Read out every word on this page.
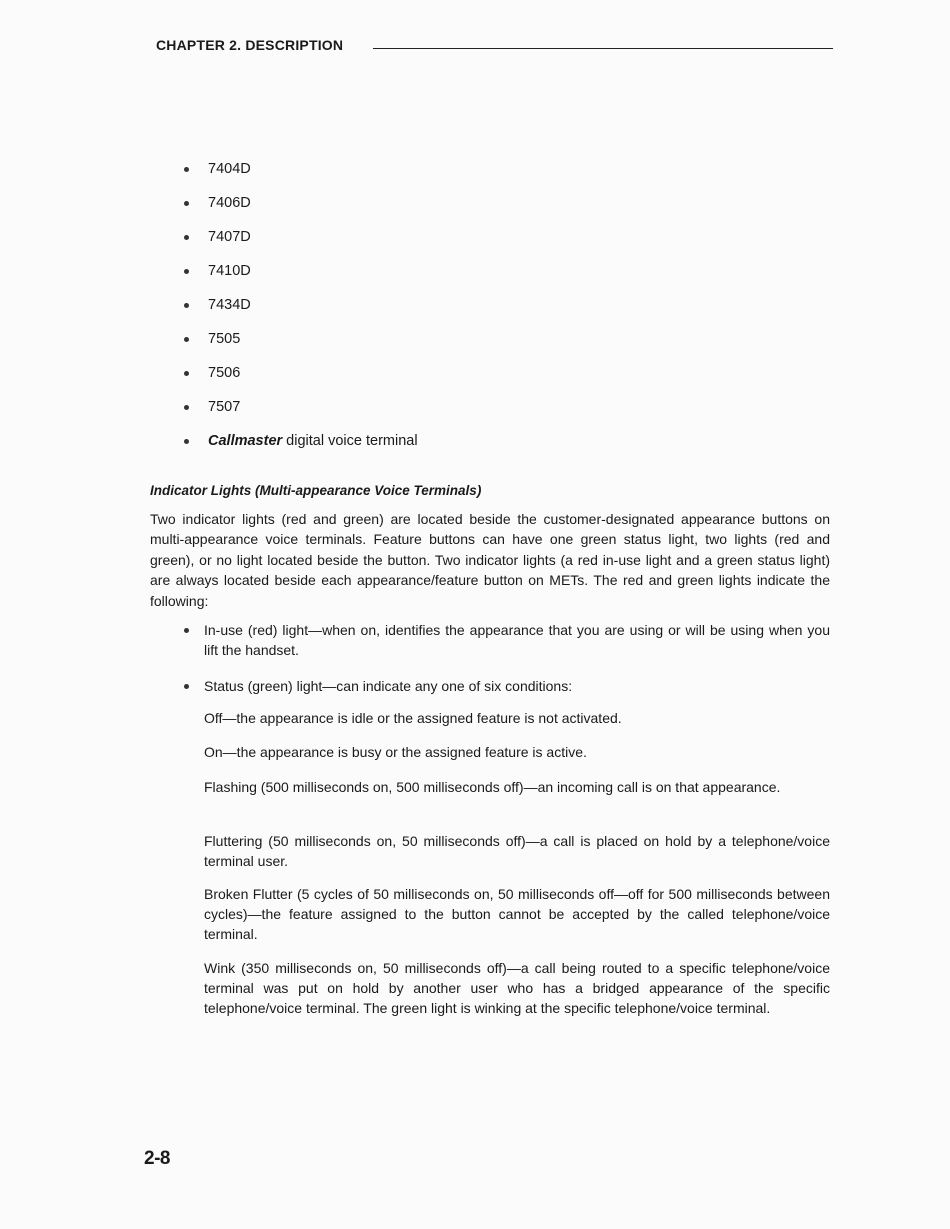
CHAPTER 2. DESCRIPTION
7404D
7406D
7407D
7410D
7434D
7505
7506
7507
Callmaster digital voice terminal
Indicator Lights (Multi-appearance Voice Terminals)

Two indicator lights (red and green) are located beside the customer-designated appearance buttons on multi-appearance voice terminals. Feature buttons can have one green status light, two lights (red and green), or no light located beside the button. Two indicator lights (a red in-use light and a green status light) are always located beside each appearance/feature button on METs. The red and green lights indicate the following:

In-use (red) light—when on, identifies the appearance that you are using or will be using when you lift the handset.

Status (green) light—can indicate any one of six conditions:

Off—the appearance is idle or the assigned feature is not activated.

On—the appearance is busy or the assigned feature is active.

Flashing (500 milliseconds on, 500 milliseconds off)—an incoming call is on that appearance.

Fluttering (50 milliseconds on, 50 milliseconds off)—a call is placed on hold by a telephone/voice terminal user.

Broken Flutter (5 cycles of 50 milliseconds on, 50 milliseconds off—off for 500 milliseconds between cycles)—the feature assigned to the button cannot be accepted by the called telephone/voice terminal.

Wink (350 milliseconds on, 50 milliseconds off)—a call being routed to a specific telephone/voice terminal was put on hold by another user who has a bridged appearance of the specific telephone/voice terminal. The green light is winking at the specific telephone/voice terminal.

2-8
